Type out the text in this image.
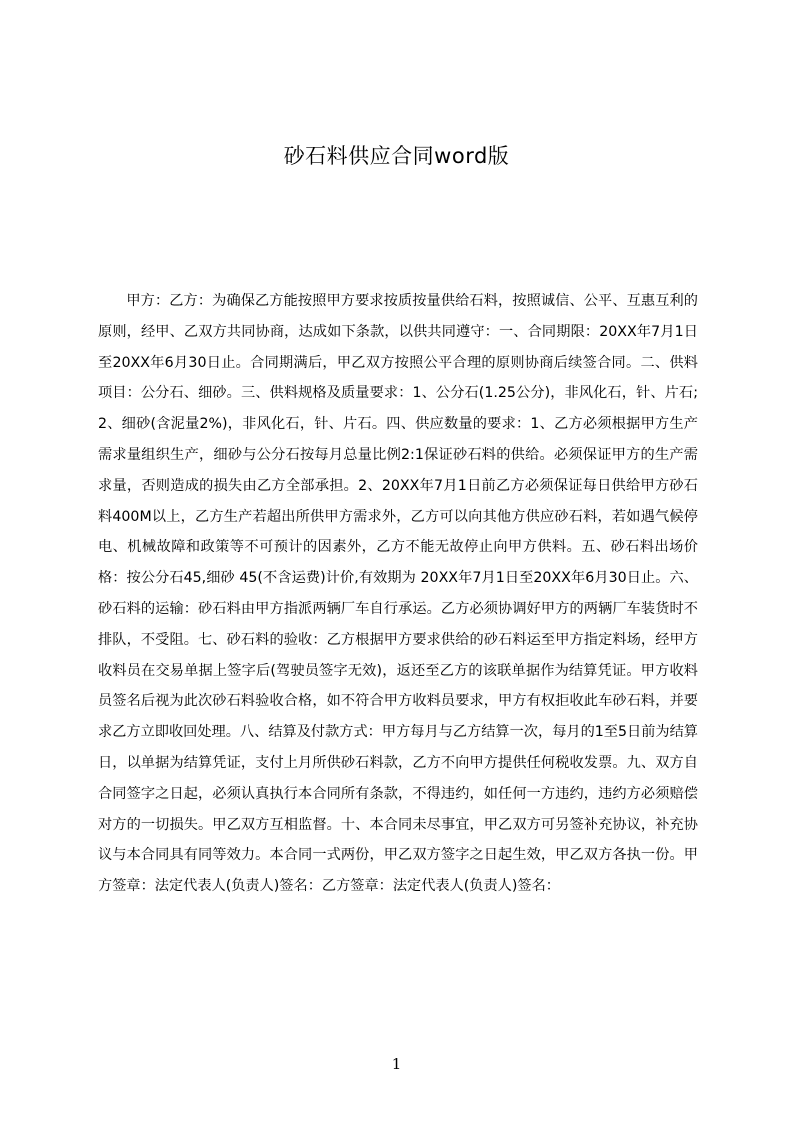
砂石料供应合同word版
甲方：乙方：为确保乙方能按照甲方要求按质按量供给石料，按照诚信、公平、互惠互利的原则，经甲、乙双方共同协商，达成如下条款，以供共同遵守：一、合同期限：20XX年7月1日至20XX年6月30日止。合同期满后，甲乙双方按照公平合理的原则协商后续签合同。二、供料项目：公分石、细砂。三、供料规格及质量要求：1、公分石(1.25公分)，非风化石，针、片石;2、细砂(含泥量2%)，非风化石，针、片石。四、供应数量的要求：1、乙方必须根据甲方生产需求量组织生产，细砂与公分石按每月总量比例2:1保证砂石料的供给。必须保证甲方的生产需求量，否则造成的损失由乙方全部承担。2、20XX年7月1日前乙方必须保证每日供给甲方砂石料400M以上，乙方生产若超出所供甲方需求外，乙方可以向其他方供应砂石料，若如遇气候停电、机械故障和政策等不可预计的因素外，乙方不能无故停止向甲方供料。五、砂石料出场价格：按公分石45,细砂 45(不含运费)计价,有效期为 20XX年7月1日至20XX年6月30日止。六、砂石料的运输：砂石料由甲方指派两辆厂车自行承运。乙方必须协调好甲方的两辆厂车装货时不排队，不受阻。七、砂石料的验收：乙方根据甲方要求供给的砂石料运至甲方指定料场，经甲方收料员在交易单据上签字后(驾驶员签字无效)，返还至乙方的该联单据作为结算凭证。甲方收料员签名后视为此次砂石料验收合格，如不符合甲方收料员要求，甲方有权拒收此车砂石料，并要求乙方立即收回处理。八、结算及付款方式：甲方每月与乙方结算一次，每月的1至5日前为结算日，以单据为结算凭证，支付上月所供砂石料款，乙方不向甲方提供任何税收发票。九、双方自合同签字之日起，必须认真执行本合同所有条款，不得违约，如任何一方违约，违约方必须赔偿对方的一切损失。甲乙双方互相监督。十、本合同未尽事宜，甲乙双方可另签补充协议，补充协议与本合同具有同等效力。本合同一式两份，甲乙双方签字之日起生效，甲乙双方各执一份。甲方签章：法定代表人(负责人)签名：乙方签章：法定代表人(负责人)签名：
1
